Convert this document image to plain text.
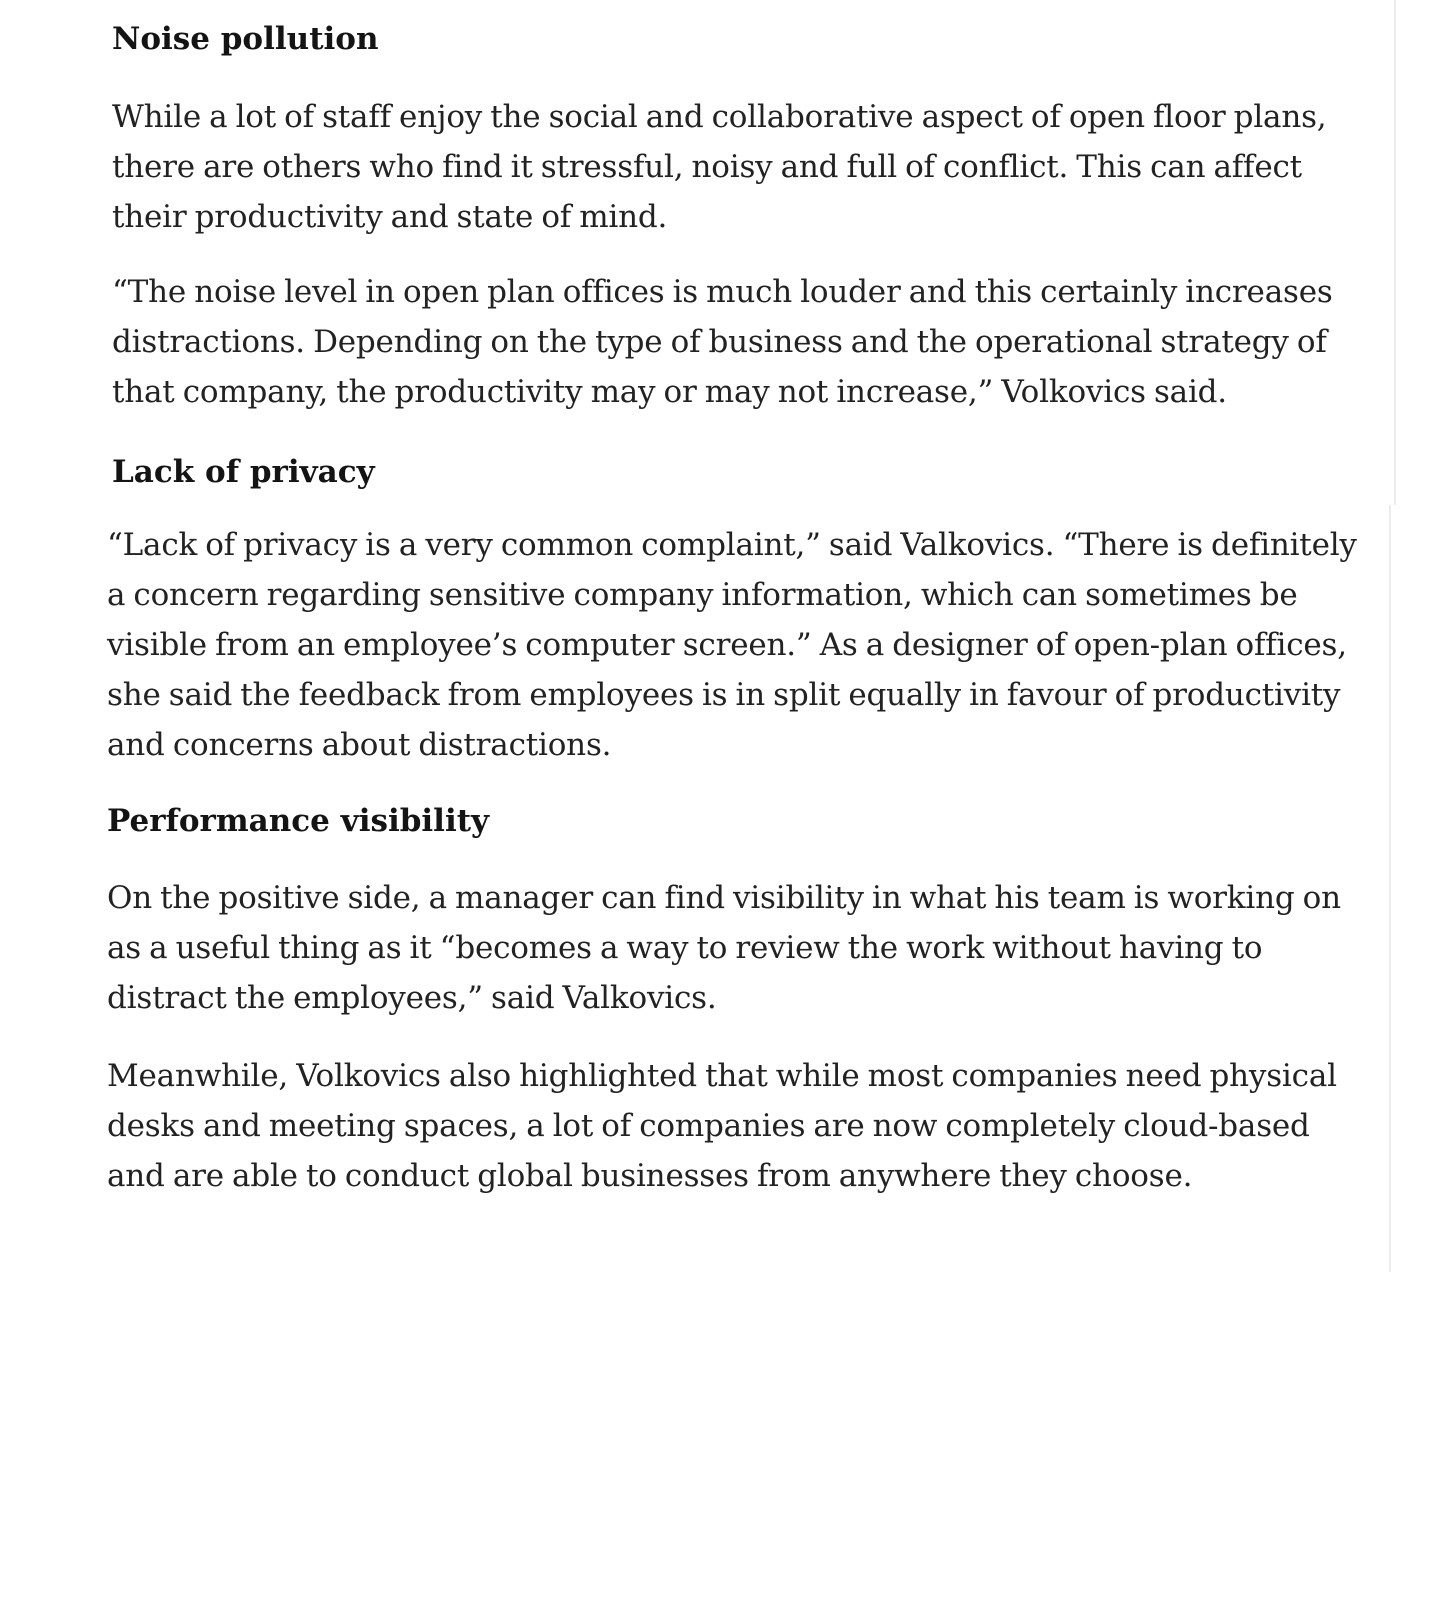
Noise pollution

While a lot of staff enjoy the social and collaborative aspect of open floor plans, there are others who find it stressful, noisy and full of conflict. This can affect their productivity and state of mind.

“The noise level in open plan offices is much louder and this certainly increases distractions. Depending on the type of business and the operational strategy of that company, the productivity may or may not increase,” Volkovics said.

Lack of privacy

“Lack of privacy is a very common complaint,” said Valkovics. “There is definitely a concern regarding sensitive company information, which can sometimes be visible from an employee’s computer screen.” As a designer of open-plan offices, she said the feedback from employees is in split equally in favour of productivity and concerns about distractions.

Performance visibility

On the positive side, a manager can find visibility in what his team is working on as a useful thing as it “becomes a way to review the work without having to distract the employees,” said Valkovics.

Meanwhile, Volkovics also highlighted that while most companies need physical desks and meeting spaces, a lot of companies are now completely cloud-based and are able to conduct global businesses from anywhere they choose.
